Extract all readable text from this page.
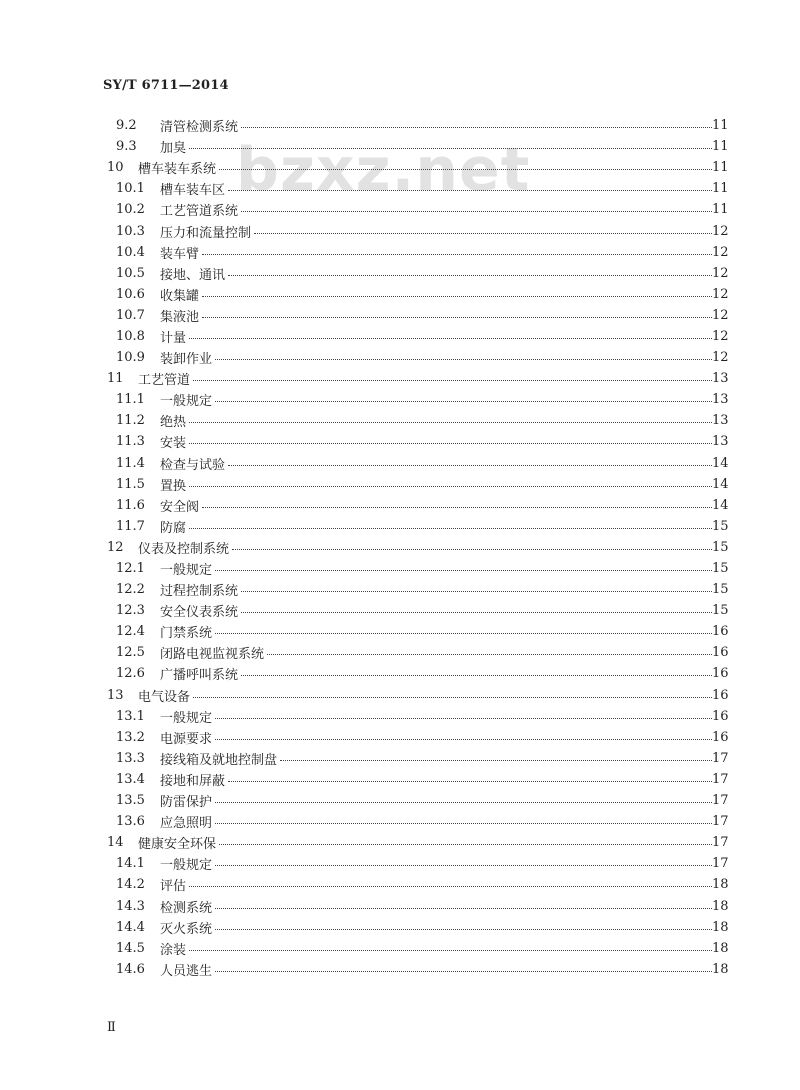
SY/T 6711—2014
bzxz.net
9.2 清管检测系统	11
9.3 加臭	11
10 槽车装车系统	11
10.1 槽车装车区	11
10.2 工艺管道系统	11
10.3 压力和流量控制	12
10.4 装车臂	12
10.5 接地、通讯	12
10.6 收集罐	12
10.7 集液池	12
10.8 计量	12
10.9 装卸作业	12
11 工艺管道	13
11.1 一般规定	13
11.2 绝热	13
11.3 安装	13
11.4 检查与试验	14
11.5 置换	14
11.6 安全阀	14
11.7 防腐	15
12 仪表及控制系统	15
12.1 一般规定	15
12.2 过程控制系统	15
12.3 安全仪表系统	15
12.4 门禁系统	16
12.5 闭路电视监视系统	16
12.6 广播呼叫系统	16
13 电气设备	16
13.1 一般规定	16
13.2 电源要求	16
13.3 接线箱及就地控制盘	17
13.4 接地和屏蔽	17
13.5 防雷保护	17
13.6 应急照明	17
14 健康安全环保	17
14.1 一般规定	17
14.2 评估	18
14.3 检测系统	18
14.4 灭火系统	18
14.5 涂装	18
14.6 人员逃生	18
Ⅱ
